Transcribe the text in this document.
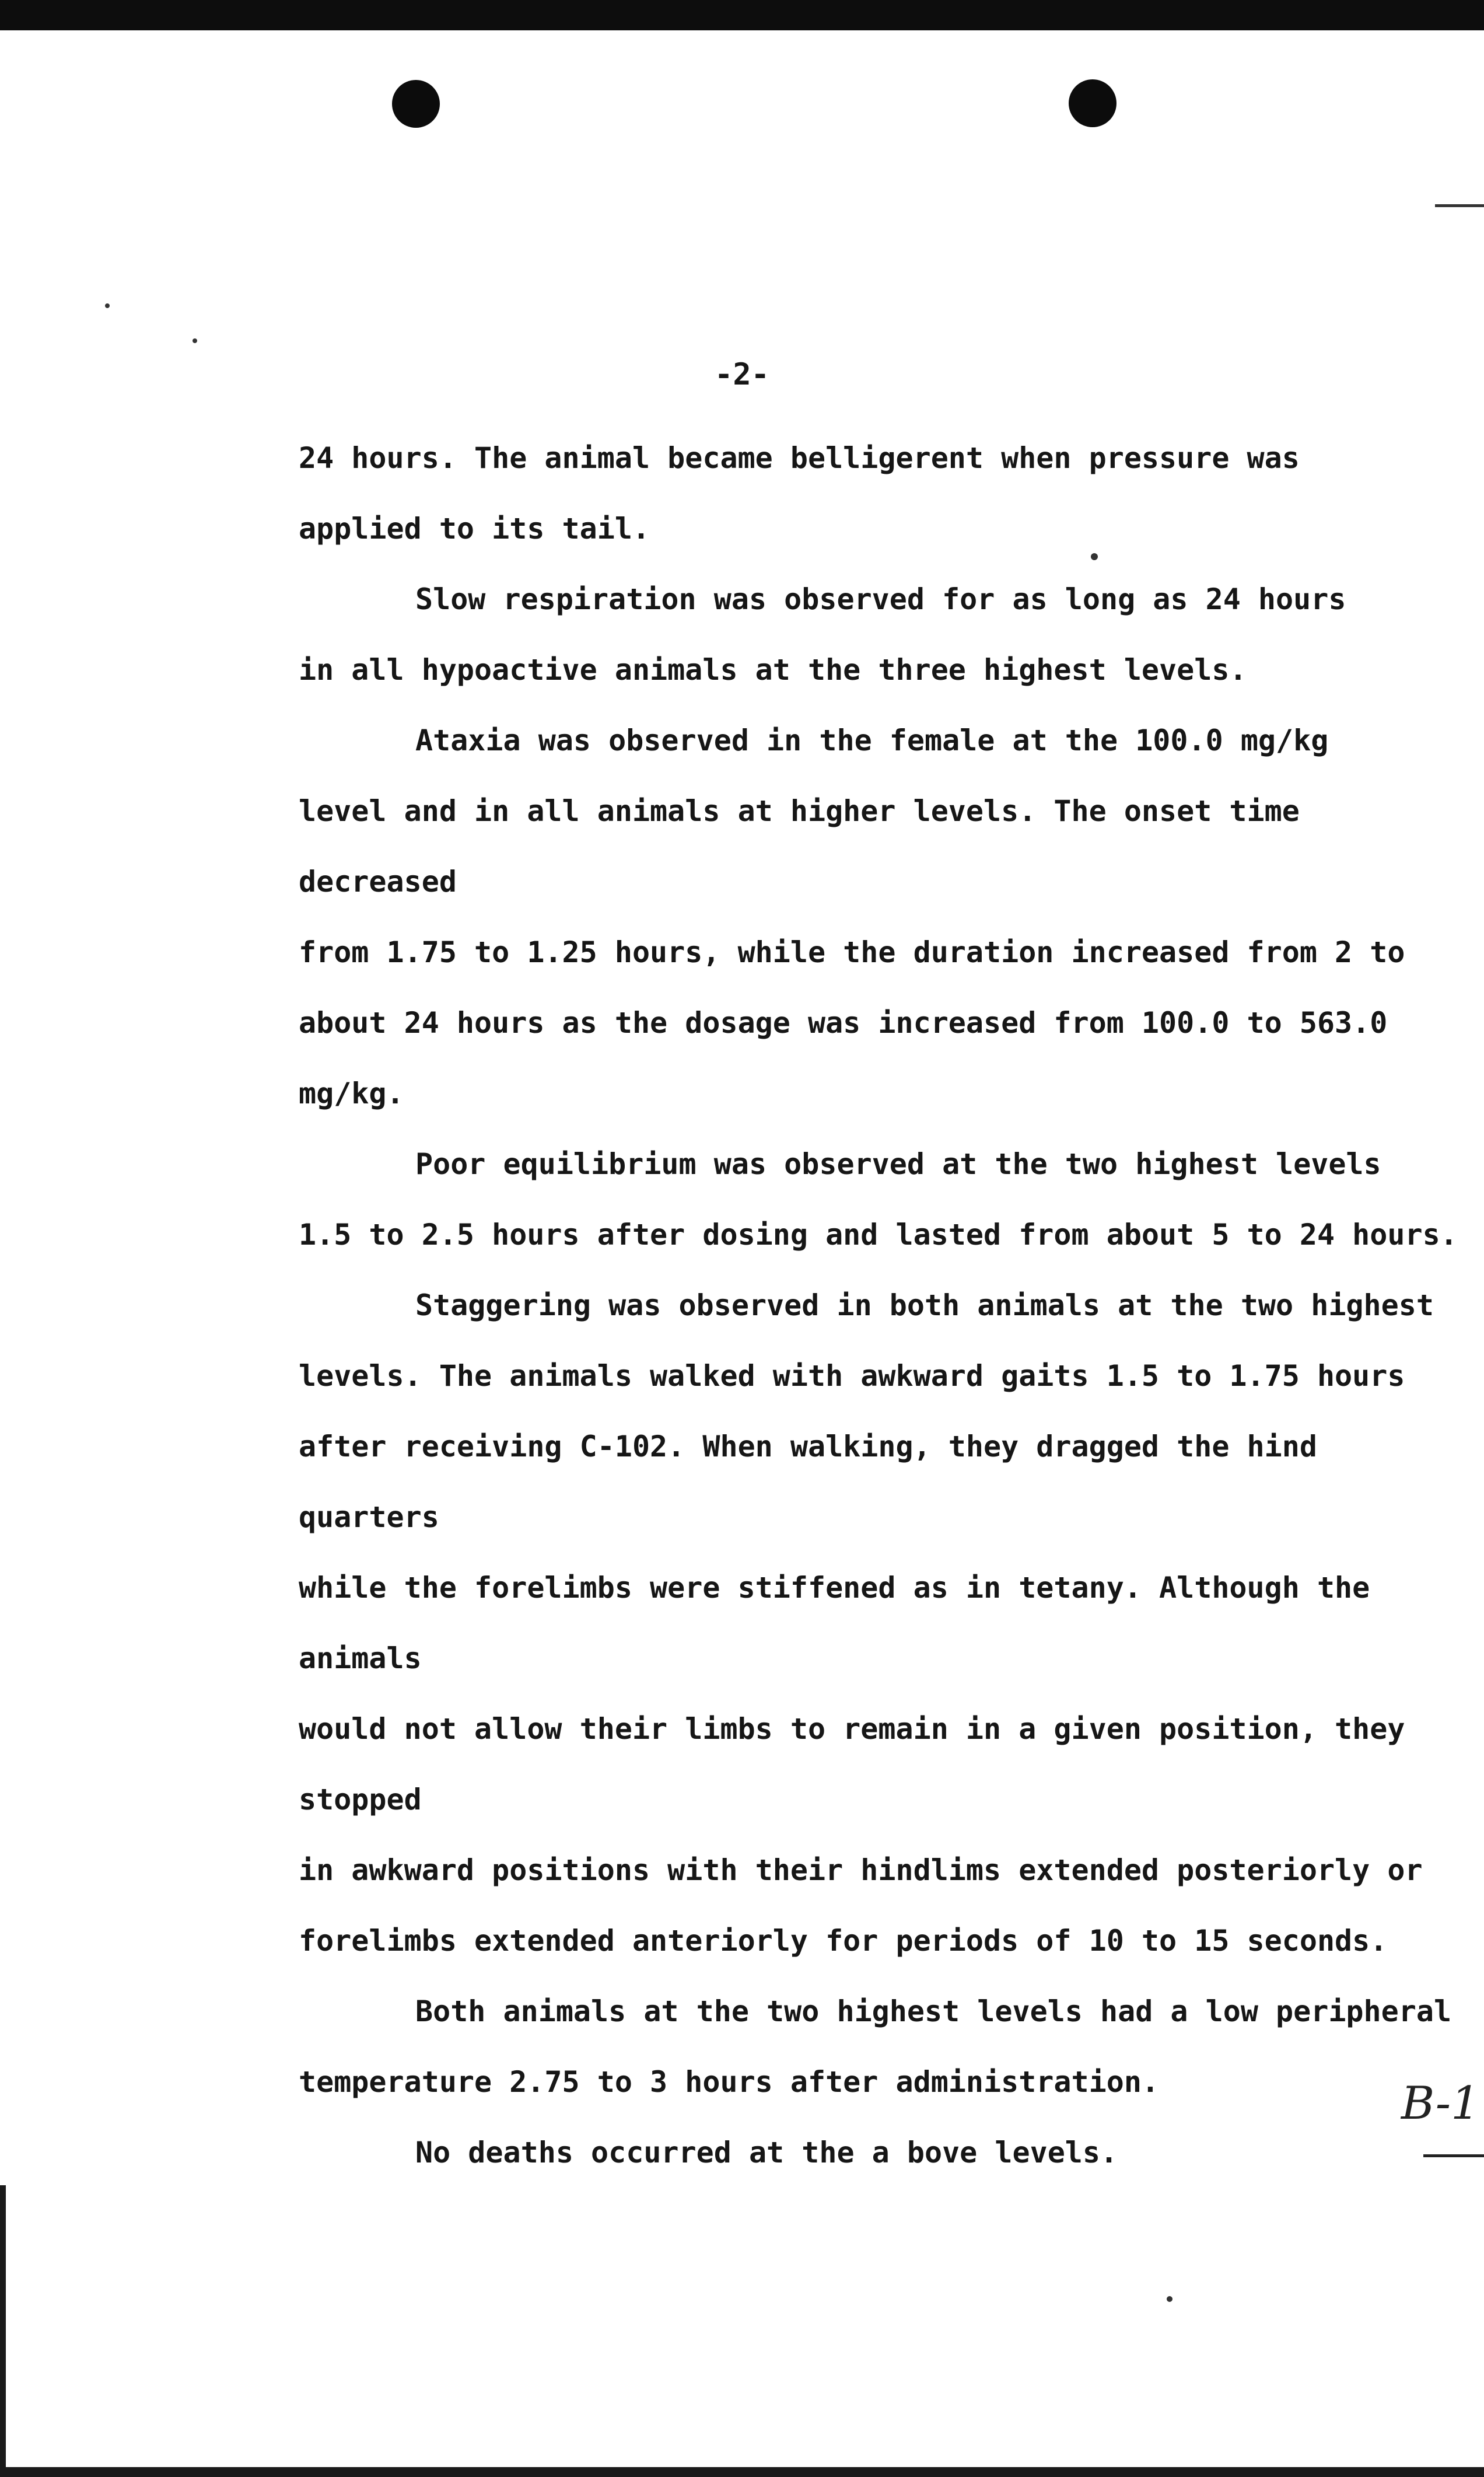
-2-

24 hours. The animal became belligerent when pressure was
applied to its tail.

Slow respiration was observed for as long as 24 hours
in all hypoactive animals at the three highest levels.

Ataxia was observed in the female at the 100.0 mg/kg
level and in all animals at higher levels. The onset time decreased
from 1.75 to 1.25 hours, while the duration increased from 2 to
about 24 hours as the dosage was increased from 100.0 to 563.0 mg/kg.

Poor equilibrium was observed at the two highest levels
1.5 to 2.5 hours after dosing and lasted from about 5 to 24 hours.

Staggering was observed in both animals at the two highest
levels. The animals walked with awkward gaits 1.5 to 1.75 hours
after receiving C-102. When walking, they dragged the hind quarters
while the forelimbs were stiffened as in tetany. Although the animals
would not allow their limbs to remain in a given position, they stopped
in awkward positions with their hindlims extended posteriorly or
forelimbs extended anteriorly for periods of 10 to 15 seconds.

Both animals at the two highest levels had a low peripheral
temperature 2.75 to 3 hours after administration.

No deaths occurred at the a bove levels.

B-1
